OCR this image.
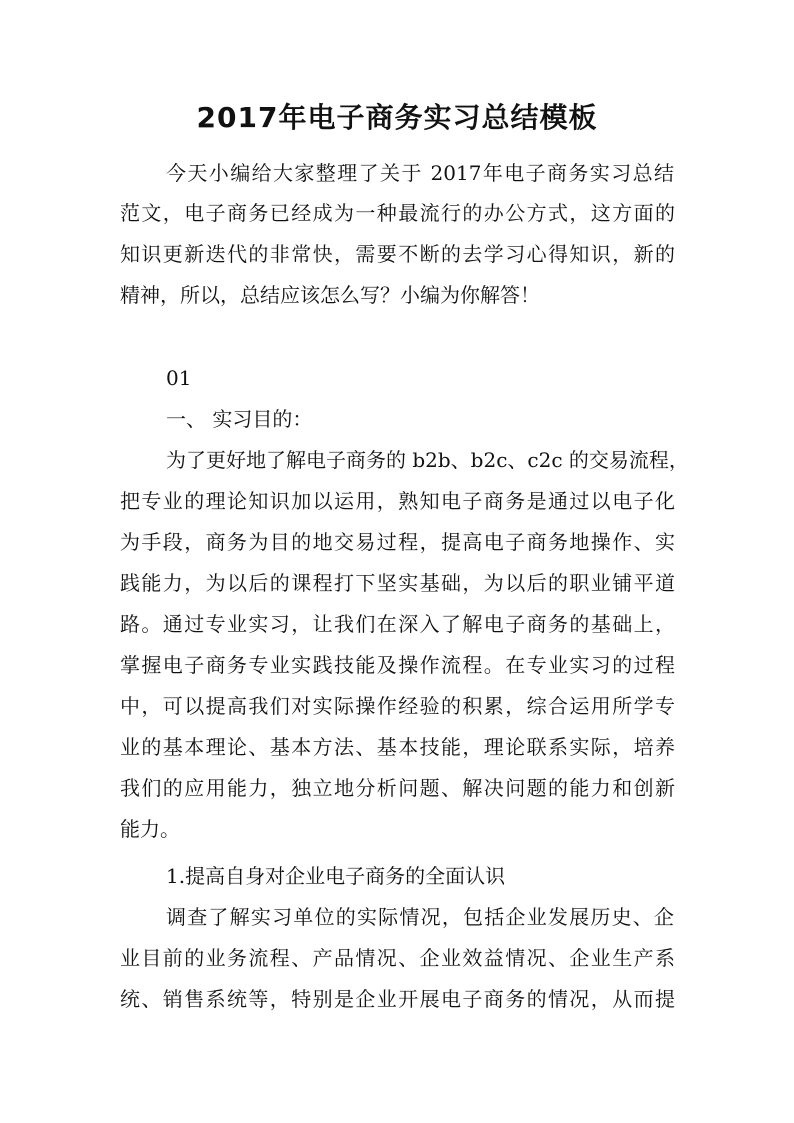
2017年电子商务实习总结模板
今天小编给大家整理了关于 2017年电子商务实习总结
范文，电子商务已经成为一种最流行的办公方式，这方面的
知识更新迭代的非常快，需要不断的去学习心得知识，新的
精神，所以，总结应该怎么写？小编为你解答！
01
一、 实习目的：
为了更好地了解电子商务的 b2b、b2c、c2c 的交易流程，
把专业的理论知识加以运用，熟知电子商务是通过以电子化
为手段，商务为目的地交易过程，提高电子商务地操作、实
践能力，为以后的课程打下坚实基础，为以后的职业铺平道
路。通过专业实习，让我们在深入了解电子商务的基础上，
掌握电子商务专业实践技能及操作流程。在专业实习的过程
中，可以提高我们对实际操作经验的积累，综合运用所学专
业的基本理论、基本方法、基本技能，理论联系实际，培养
我们的应用能力，独立地分析问题、解决问题的能力和创新
能力。
1.提高自身对企业电子商务的全面认识
调查了解实习单位的实际情况，包括企业发展历史、企
业目前的业务流程、产品情况、企业效益情况、企业生产系
统、销售系统等，特别是企业开展电子商务的情况，从而提
